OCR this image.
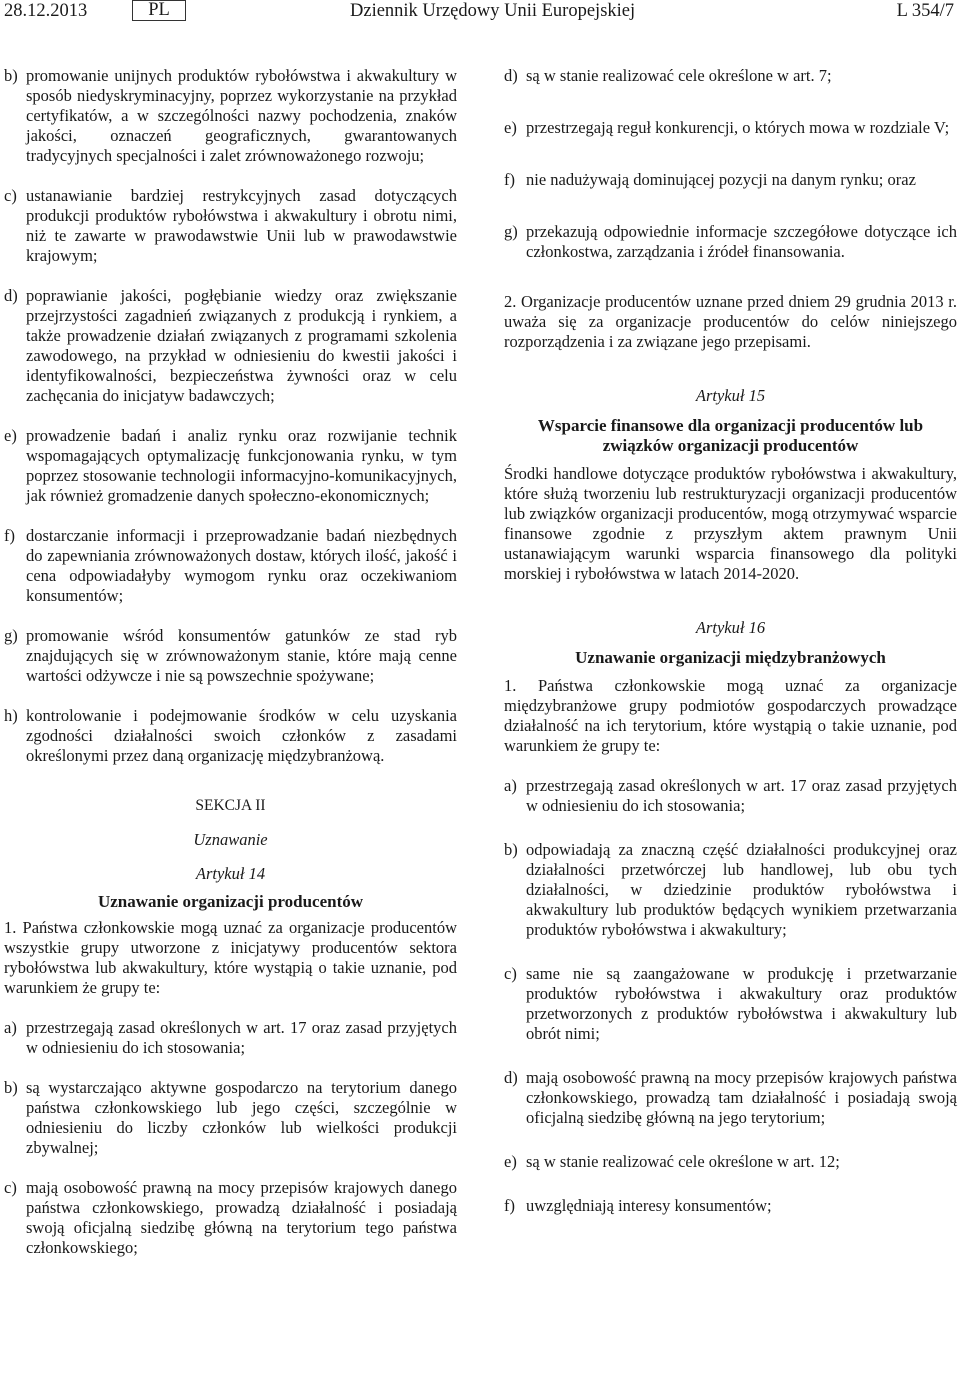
28.12.2013	PL	Dziennik Urzędowy Unii Europejskiej	L 354/7
b) promowanie unijnych produktów rybołówstwa i akwakultury w sposób niedyskryminacyjny, poprzez wykorzystanie na przykład certyfikatów, a w szczególności nazwy pochodzenia, znaków jakości, oznaczeń geograficznych, gwarantowanych tradycyjnych specjalności i zalet zrównoważonego rozwoju;
c) ustanawianie bardziej restrykcyjnych zasad dotyczących produkcji produktów rybołówstwa i akwakultury i obrotu nimi, niż te zawarte w prawodawstwie Unii lub w prawodawstwie krajowym;
d) poprawianie jakości, pogłębianie wiedzy oraz zwiększanie przejrzystości zagadnień związanych z produkcją i rynkiem, a także prowadzenie działań związanych z programami szkolenia zawodowego, na przykład w odniesieniu do kwestii jakości i identyfikowalności, bezpieczeństwa żywności oraz w celu zachęcania do inicjatyw badawczych;
e) prowadzenie badań i analiz rynku oraz rozwijanie technik wspomagających optymalizację funkcjonowania rynku, w tym poprzez stosowanie technologii informacyjno-komunikacyjnych, jak również gromadzenie danych społeczno-ekonomicznych;
f) dostarczanie informacji i przeprowadzanie badań niezbędnych do zapewniania zrównoważonych dostaw, których ilość, jakość i cena odpowiadałyby wymogom rynku oraz oczekiwaniom konsumentów;
g) promowanie wśród konsumentów gatunków ze stad ryb znajdujących się w zrównoważonym stanie, które mają cenne wartości odżywcze i nie są powszechnie spożywane;
h) kontrolowanie i podejmowanie środków w celu uzyskania zgodności działalności swoich członków z zasadami określonymi przez daną organizację międzybranżową.
SEKCJA II
Uznawanie
Artykuł 14
Uznawanie organizacji producentów
1. Państwa członkowskie mogą uznać za organizacje producentów wszystkie grupy utworzone z inicjatywy producentów sektora rybołówstwa lub akwakultury, które wystąpią o takie uznanie, pod warunkiem że grupy te:
a) przestrzegają zasad określonych w art. 17 oraz zasad przyjętych w odniesieniu do ich stosowania;
b) są wystarczająco aktywne gospodarczo na terytorium danego państwa członkowskiego lub jego części, szczególnie w odniesieniu do liczby członków lub wielkości produkcji zbywalnej;
c) mają osobowość prawną na mocy przepisów krajowych danego państwa członkowskiego, prowadzą działalność i posiadają swoją oficjalną siedzibę główną na terytorium tego państwa członkowskiego;
d) są w stanie realizować cele określone w art. 7;
e) przestrzegają reguł konkurencji, o których mowa w rozdziale V;
f) nie nadużywają dominującej pozycji na danym rynku; oraz
g) przekazują odpowiednie informacje szczegółowe dotyczące ich członkostwa, zarządzania i źródeł finansowania.
2. Organizacje producentów uznane przed dniem 29 grudnia 2013 r. uważa się za organizacje producentów do celów niniejszego rozporządzenia i za związane jego przepisami.
Artykuł 15
Wsparcie finansowe dla organizacji producentów lub związków organizacji producentów
Środki handlowe dotyczące produktów rybołówstwa i akwakultury, które służą tworzeniu lub restrukturyzacji organizacji producentów lub związków organizacji producentów, mogą otrzymywać wsparcie finansowe zgodnie z przyszłym aktem prawnym Unii ustanawiającym warunki wsparcia finansowego dla polityki morskiej i rybołówstwa w latach 2014-2020.
Artykuł 16
Uznawanie organizacji międzybranżowych
1. Państwa członkowskie mogą uznać za organizacje międzybranżowe grupy podmiotów gospodarczych prowadzące działalność na ich terytorium, które wystąpią o takie uznanie, pod warunkiem że grupy te:
a) przestrzegają zasad określonych w art. 17 oraz zasad przyjętych w odniesieniu do ich stosowania;
b) odpowiadają za znaczną część działalności produkcyjnej oraz działalności przetwórczej lub handlowej, lub obu tych działalności, w dziedzinie produktów rybołówstwa i akwakultury lub produktów będących wynikiem przetwarzania produktów rybołówstwa i akwakultury;
c) same nie są zaangażowane w produkcję i przetwarzanie produktów rybołówstwa i akwakultury oraz produktów przetworzonych z produktów rybołówstwa i akwakultury lub obrót nimi;
d) mają osobowość prawną na mocy przepisów krajowych państwa członkowskiego, prowadzą tam działalność i posiadają swoją oficjalną siedzibę główną na jego terytorium;
e) są w stanie realizować cele określone w art. 12;
f) uwzględniają interesy konsumentów;
